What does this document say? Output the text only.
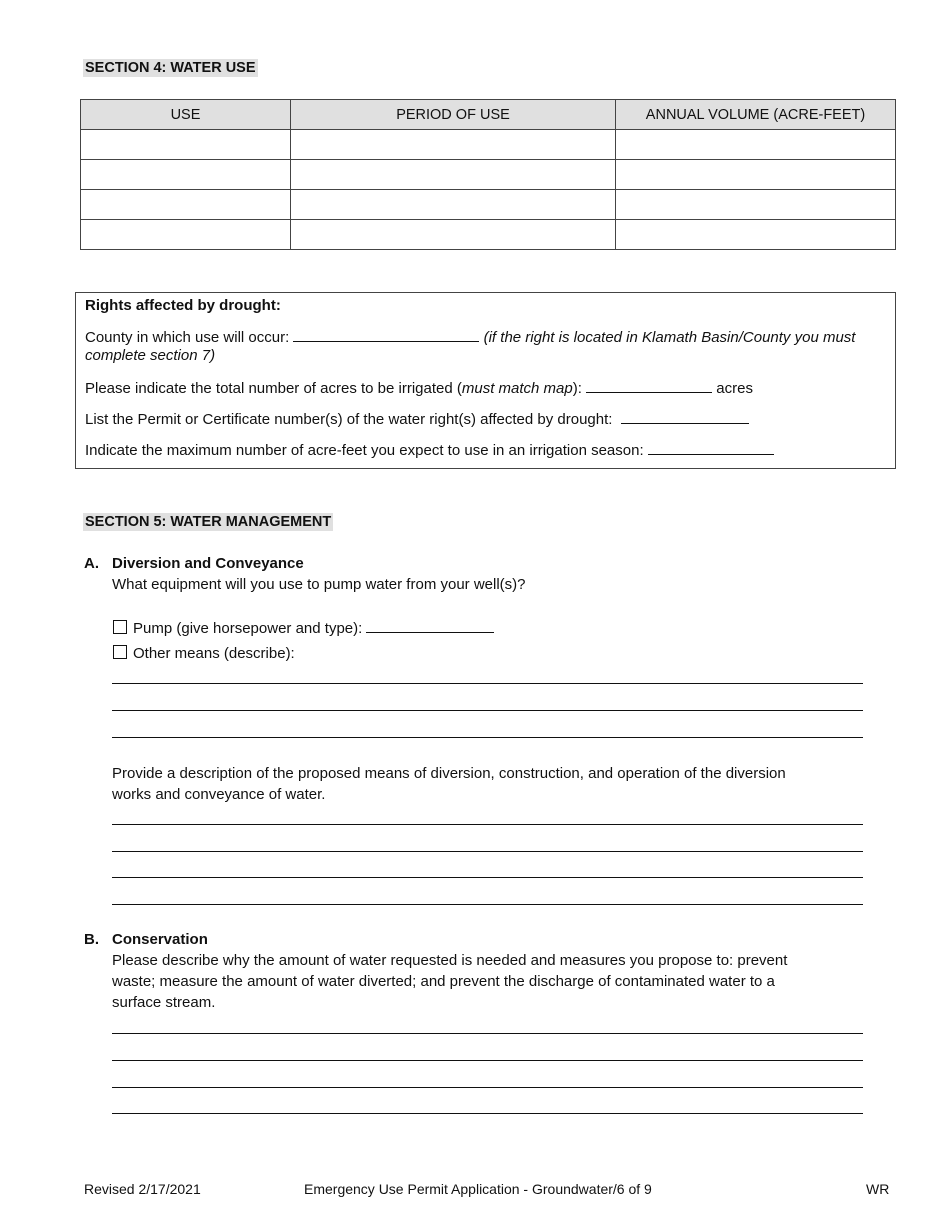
SECTION 4: WATER USE
USE	PERIOD OF USE	ANNUAL VOLUME (ACRE-FEET)

Rights affected by drought:
County in which use will occur:	(if the right is located in Klamath Basin/County you must
complete section 7)
Please indicate the total number of acres to be irrigated (must match map):	acres
List the Permit or Certificate number(s) of the water right(s) affected by drought:
Indicate the maximum number of acre-feet you expect to use in an irrigation season:
SECTION 5: WATER MANAGEMENT
A. Diversion and Conveyance
What equipment will you use to pump water from your well(s)?
Pump (give horsepower and type):
Other means (describe):
Provide a description of the proposed means of diversion, construction, and operation of the diversion
works and conveyance of water.
B. Conservation
Please describe why the amount of water requested is needed and measures you propose to: prevent
waste; measure the amount of water diverted; and prevent the discharge of contaminated water to a
surface stream.
Revised 2/17/2021	Emergency Use Permit Application - Groundwater/6 of 9	WR
